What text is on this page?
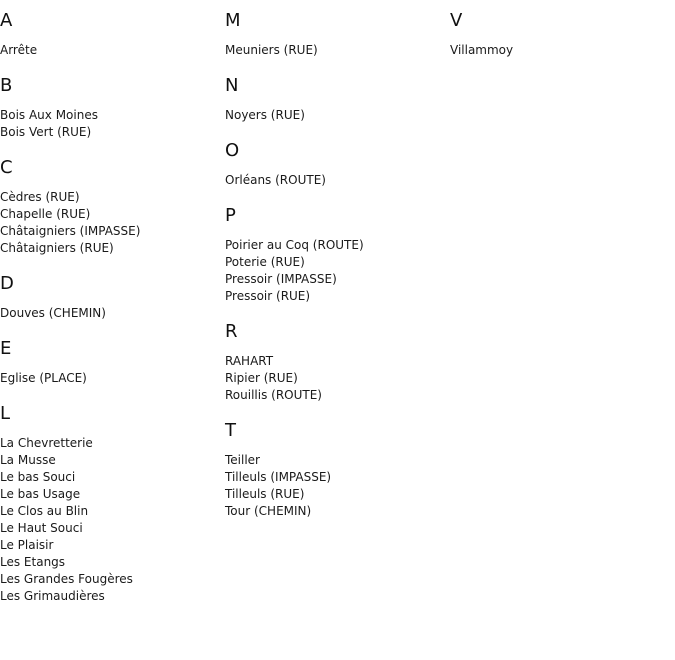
A
Arrête
B
Bois Aux Moines
Bois Vert (RUE)
C
Cèdres (RUE)
Chapelle (RUE)
Châtaigniers (IMPASSE)
Châtaigniers (RUE)
D
Douves (CHEMIN)
E
Eglise (PLACE)
L
La Chevretterie
La Musse
Le bas Souci
Le bas Usage
Le Clos au Blin
Le Haut Souci
Le Plaisir
Les Etangs
Les Grandes Fougères
Les Grimaudières
M
Meuniers (RUE)
N
Noyers (RUE)
O
Orléans (ROUTE)
P
Poirier au Coq (ROUTE)
Poterie (RUE)
Pressoir (IMPASSE)
Pressoir (RUE)
R
RAHART
Ripier (RUE)
Rouillis (ROUTE)
T
Teiller
Tilleuls (IMPASSE)
Tilleuls (RUE)
Tour (CHEMIN)
V
Villammoy
